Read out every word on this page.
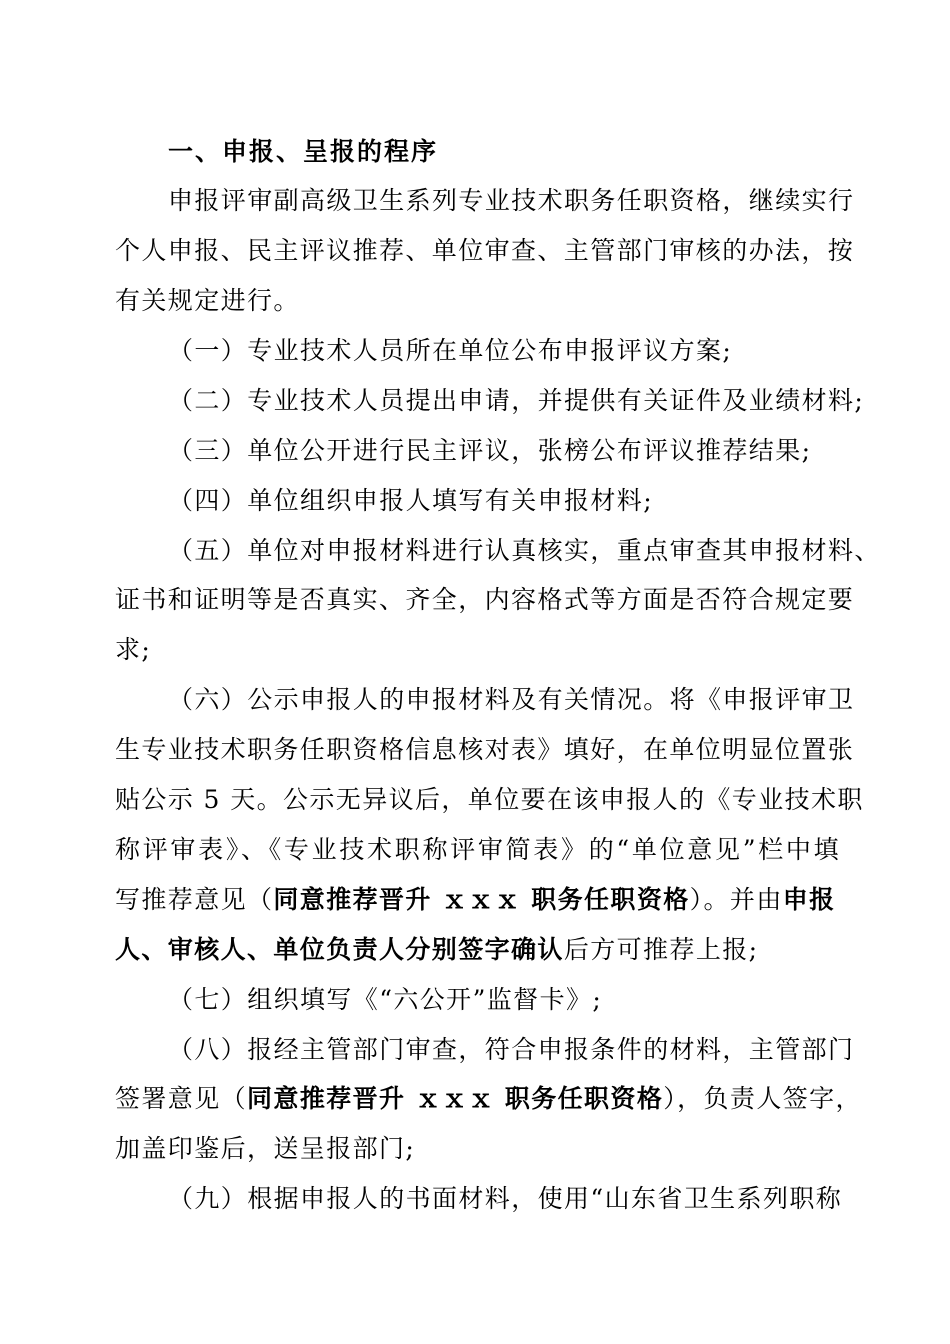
一、申报、呈报的程序
申报评审副高级卫生系列专业技术职务任职资格，继续实行
个人申报、民主评议推荐、单位审查、主管部门审核的办法，按
有关规定进行。
（一）专业技术人员所在单位公布申报评议方案;
（二）专业技术人员提出申请，并提供有关证件及业绩材料;
（三）单位公开进行民主评议，张榜公布评议推荐结果;
（四）单位组织申报人填写有关申报材料;
（五）单位对申报材料进行认真核实，重点审查其申报材料、
证书和证明等是否真实、齐全，内容格式等方面是否符合规定要
求;
（六）公示申报人的申报材料及有关情况。将《申报评审卫
生专业技术职务任职资格信息核对表》填好，在单位明显位置张
贴公示 5 天。公示无异议后，单位要在该申报人的《专业技术职
称评审表》、《专业技术职称评审简表》的“单位意见”栏中填
写推荐意见（同意推荐晋升 ｘｘｘ 职务任职资格）。并由申报
人、审核人、单位负责人分别签字确认后方可推荐上报;
（七）组织填写《“六公开”监督卡》;
（八）报经主管部门审查，符合申报条件的材料，主管部门
签署意见（同意推荐晋升 ｘｘｘ 职务任职资格），负责人签字，
加盖印鉴后，送呈报部门;
（九）根据申报人的书面材料，使用“山东省卫生系列职称
